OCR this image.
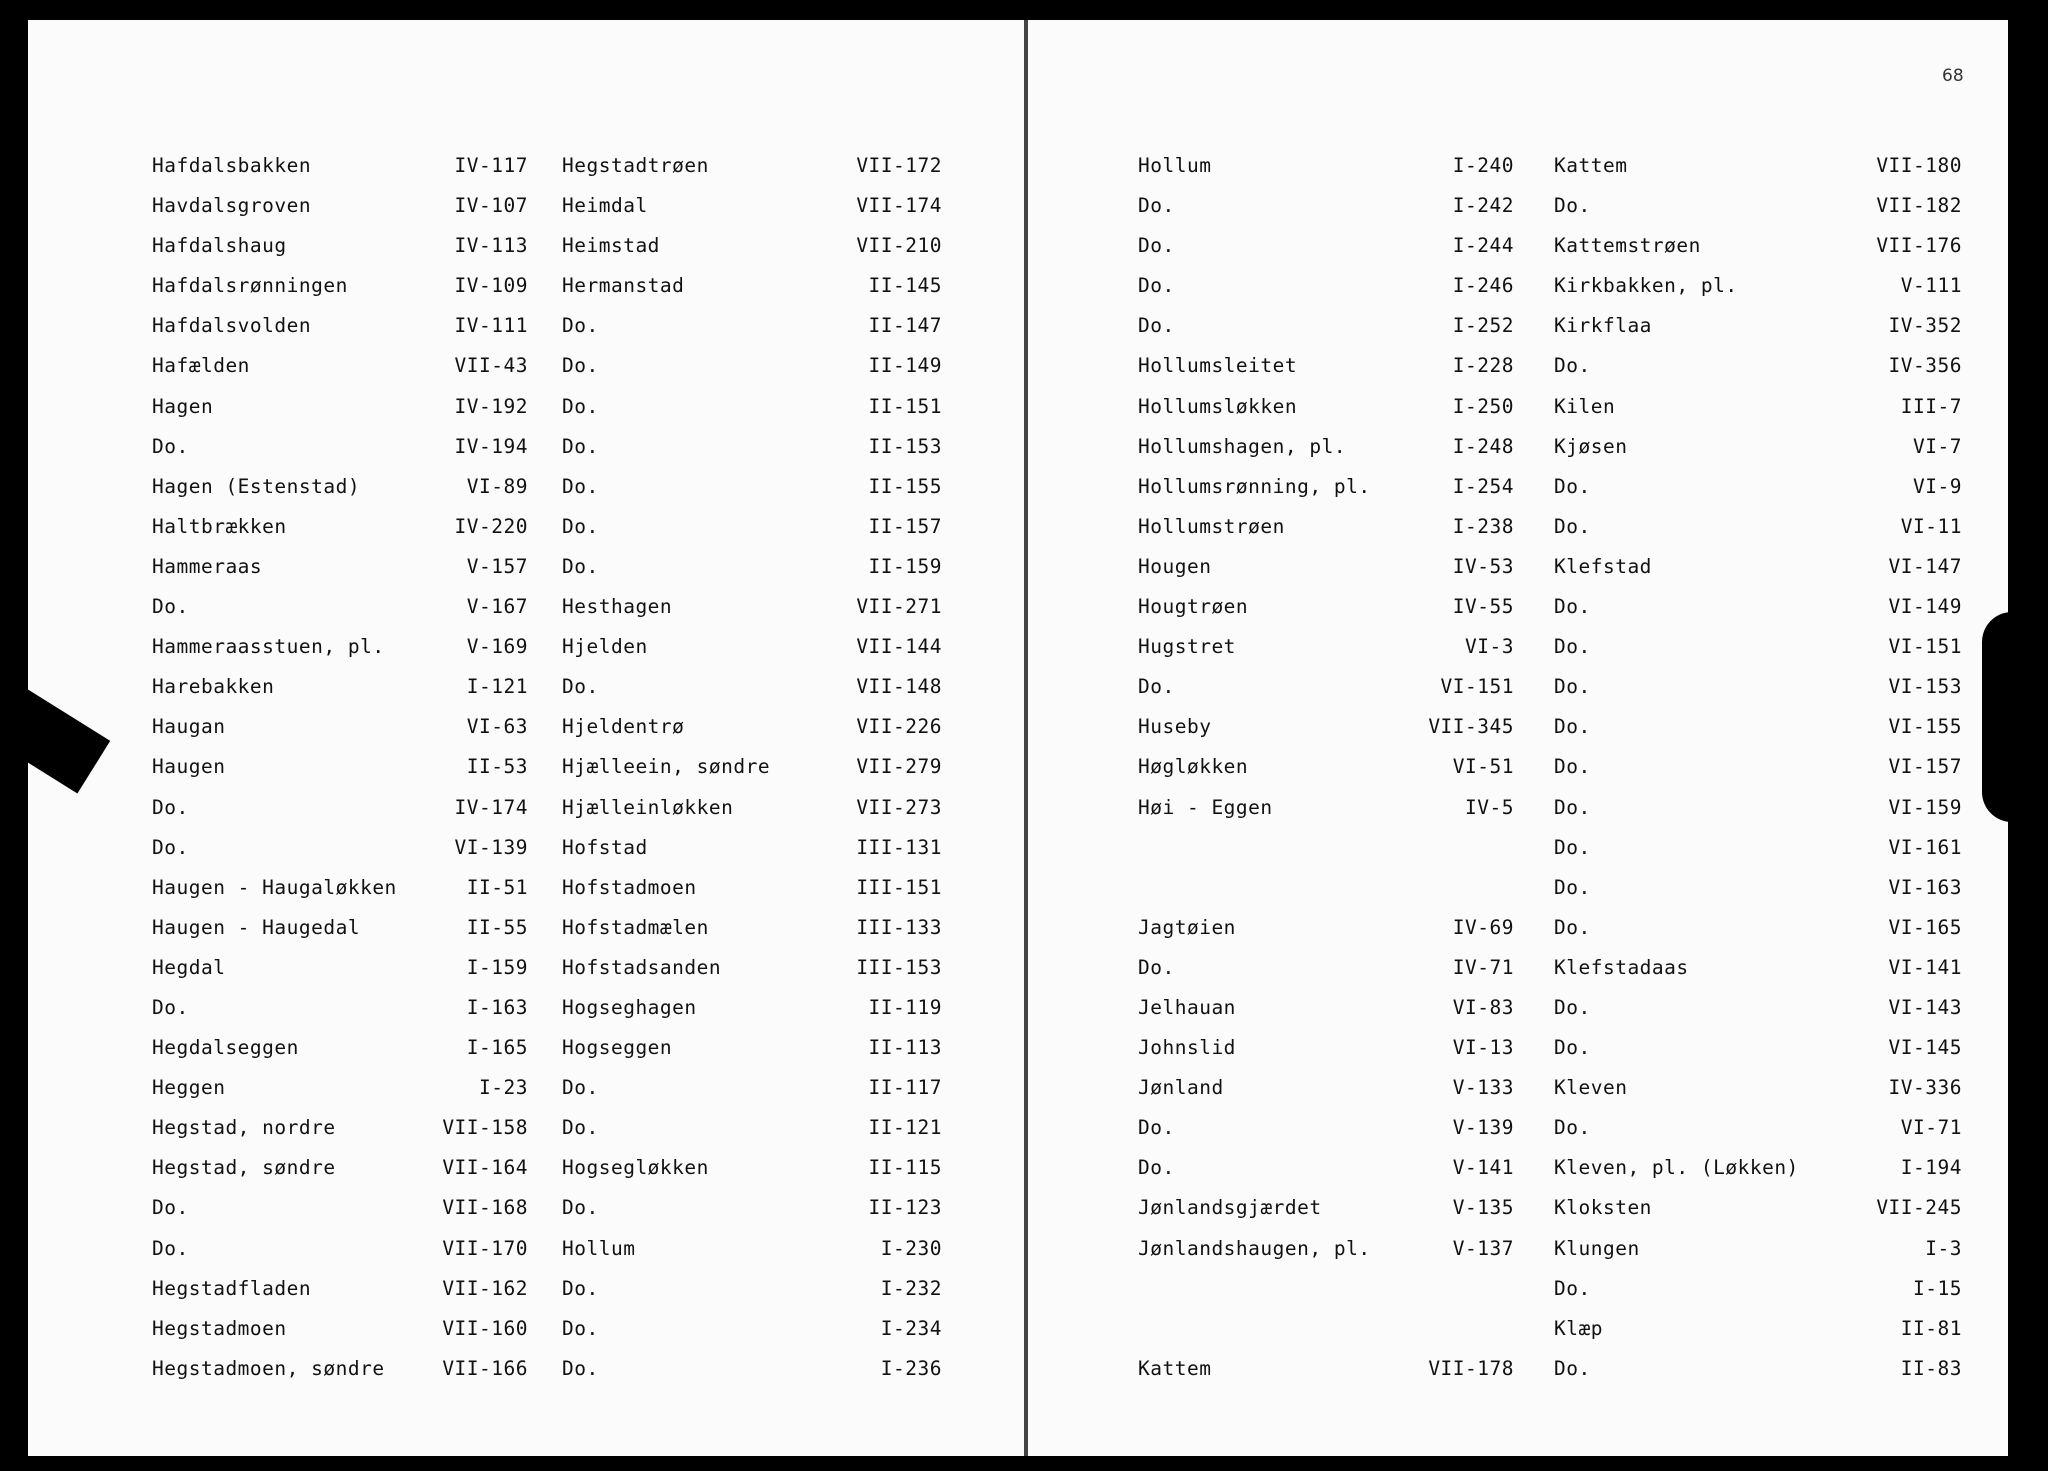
68
Hafdalsbakken	IV-117
Havdalsgroven	IV-107
Hafdalshaug	IV-113
Hafdalsrønningen	IV-109
Hafdalsvolden	IV-111
Hafælden	VII-43
Hagen	IV-192
Do.	IV-194
Hagen (Estenstad)	VI-89
Haltbrækken	IV-220
Hammeraas	V-157
Do.	V-167
Hammeraasstuen, pl.	V-169
Harebakken	I-121
Haugan	VI-63
Haugen	II-53
Do.	IV-174
Do.	VI-139
Haugen - Haugaløkken	II-51
Haugen - Haugedal	II-55
Hegdal	I-159
Do.	I-163
Hegdalseggen	I-165
Heggen	I-23
Hegstad, nordre	VII-158
Hegstad, søndre	VII-164
Do.	VII-168
Do.	VII-170
Hegstadfladen	VII-162
Hegstadmoen	VII-160
Hegstadmoen, søndre	VII-166
Hegstadtrøen	VII-172
Heimdal	VII-174
Heimstad	VII-210
Hermanstad	II-145
Do.	II-147
Do.	II-149
Do.	II-151
Do.	II-153
Do.	II-155
Do.	II-157
Do.	II-159
Hesthagen	VII-271
Hjelden	VII-144
Do.	VII-148
Hjeldentrø	VII-226
Hjælleein, søndre	VII-279
Hjælleinløkken	VII-273
Hofstad	III-131
Hofstadmoen	III-151
Hofstadmælen	III-133
Hofstadsanden	III-153
Hogseghagen	II-119
Hogseggen	II-113
Do.	II-117
Do.	II-121
Hogsegløkken	II-115
Do.	II-123
Hollum	I-230
Do.	I-232
Do.	I-234
Do.	I-236
Hollum	I-240
Do.	I-242
Do.	I-244
Do.	I-246
Do.	I-252
Hollumsleitet	I-228
Hollumsløkken	I-250
Hollumshagen, pl.	I-248
Hollumsrønning, pl.	I-254
Hollumstrøen	I-238
Hougen	IV-53
Hougtrøen	IV-55
Hugstret	VI-3
Do.	VI-151
Huseby	VII-345
Høgløkken	VI-51
Høi - Eggen	IV-5
Jagtøien	IV-69
Do.	IV-71
Jelhauan	VI-83
Johnslid	VI-13
Jønland	V-133
Do.	V-139
Do.	V-141
Jønlandsgjærdet	V-135
Jønlandshaugen, pl.	V-137
Kattem	VII-178
Kattem	VII-180
Do.	VII-182
Kattemstrøen	VII-176
Kirkbakken, pl.	V-111
Kirkflaa	IV-352
Do.	IV-356
Kilen	III-7
Kjøsen	VI-7
Do.	VI-9
Do.	VI-11
Klefstad	VI-147
Do.	VI-149
Do.	VI-151
Do.	VI-153
Do.	VI-155
Do.	VI-157
Do.	VI-159
Do.	VI-161
Do.	VI-163
Do.	VI-165
Klefstadaas	VI-141
Do.	VI-143
Do.	VI-145
Kleven	IV-336
Do.	VI-71
Kleven, pl. (Løkken)	I-194
Kloksten	VII-245
Klungen	I-3
Do.	I-15
Klæp	II-81
Do.	II-83
